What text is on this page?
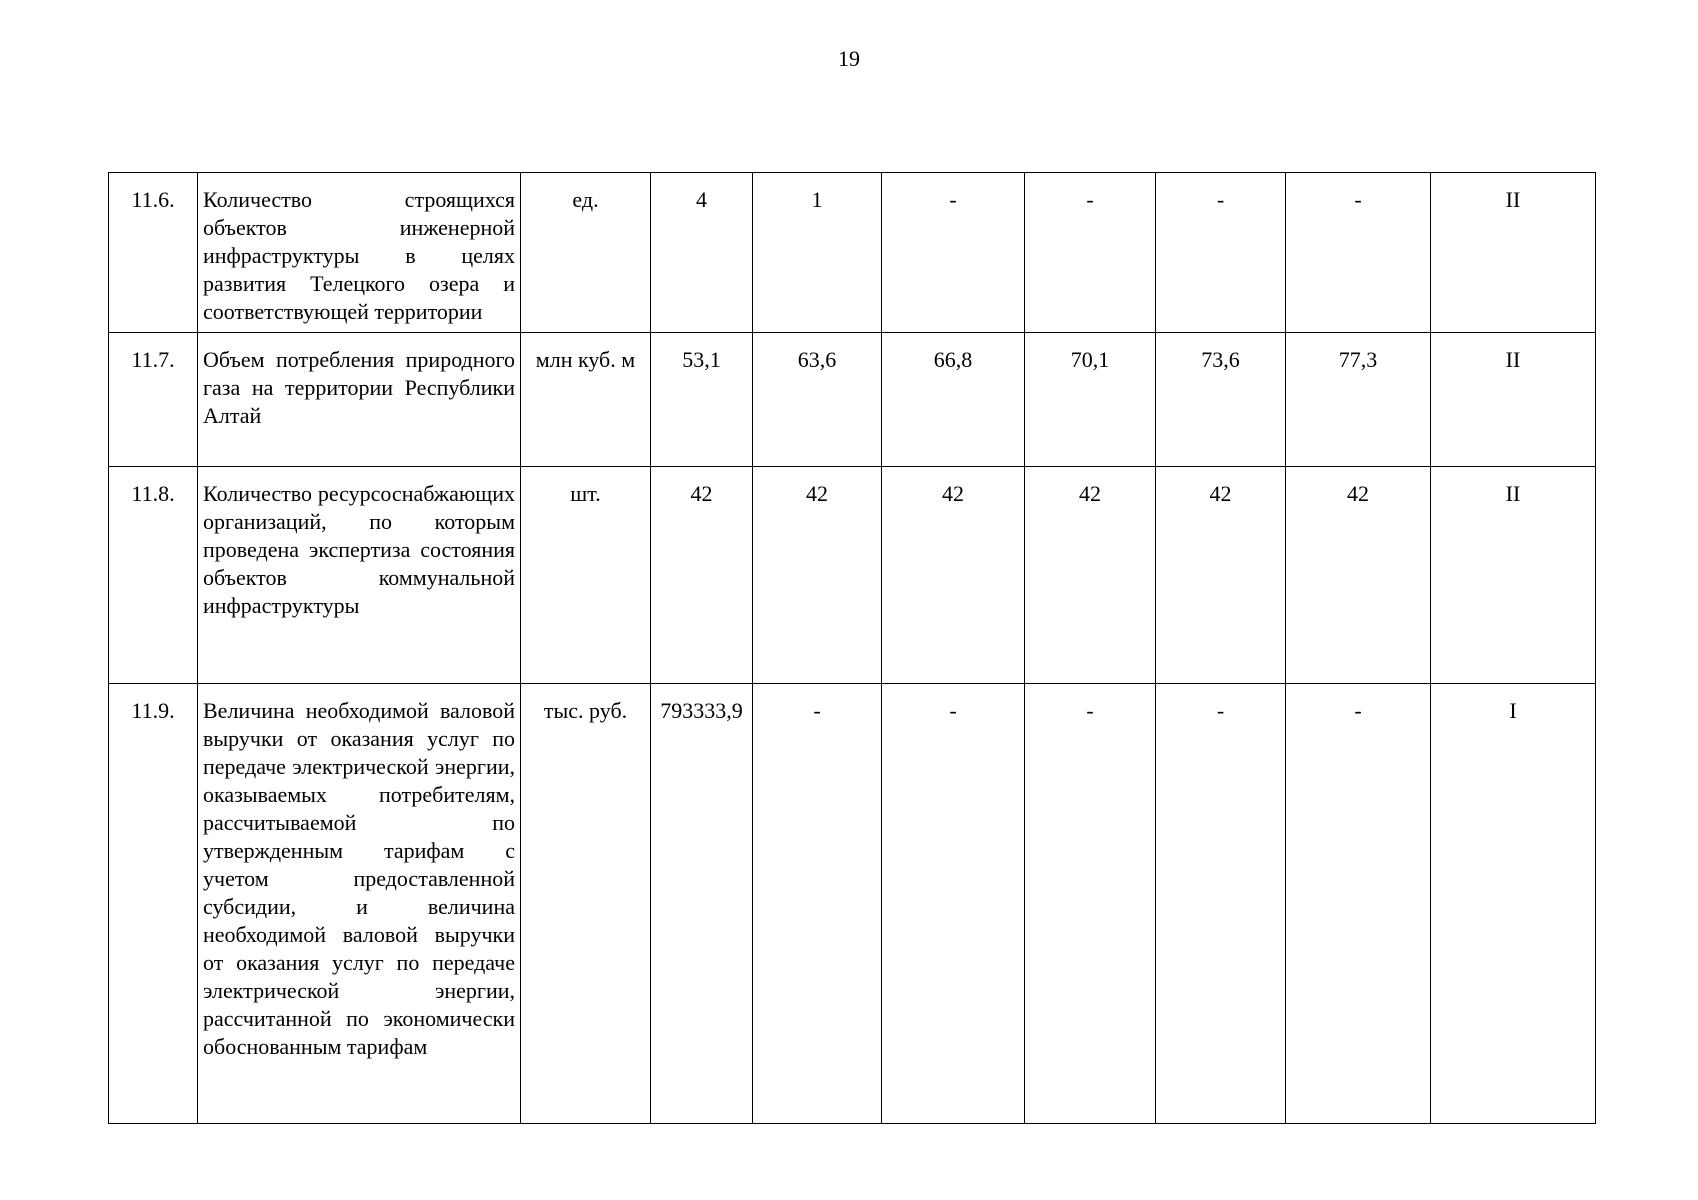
19
11.6.	Количество строящихся объектов инженерной инфраструктуры в целях развития Телецкого озера и соответствующей территории	ед.	4	1	-	-	-	-	II
11.7.	Объем потребления природного газа на территории Республики Алтай	млн куб. м	53,1	63,6	66,8	70,1	73,6	77,3	II
11.8.	Количество ресурсоснабжающих организаций, по которым проведена экспертиза состояния объектов коммунальной инфраструктуры	шт.	42	42	42	42	42	42	II
11.9.	Величина необходимой валовой выручки от оказания услуг по передаче электрической энергии, оказываемых потребителям, рассчитываемой по утвержденным тарифам с учетом предоставленной субсидии, и величина необходимой валовой выручки от оказания услуг по передаче электрической энергии, рассчитанной по экономически обоснованным тарифам	тыс. руб.	793333,9	-	-	-	-	-	I
